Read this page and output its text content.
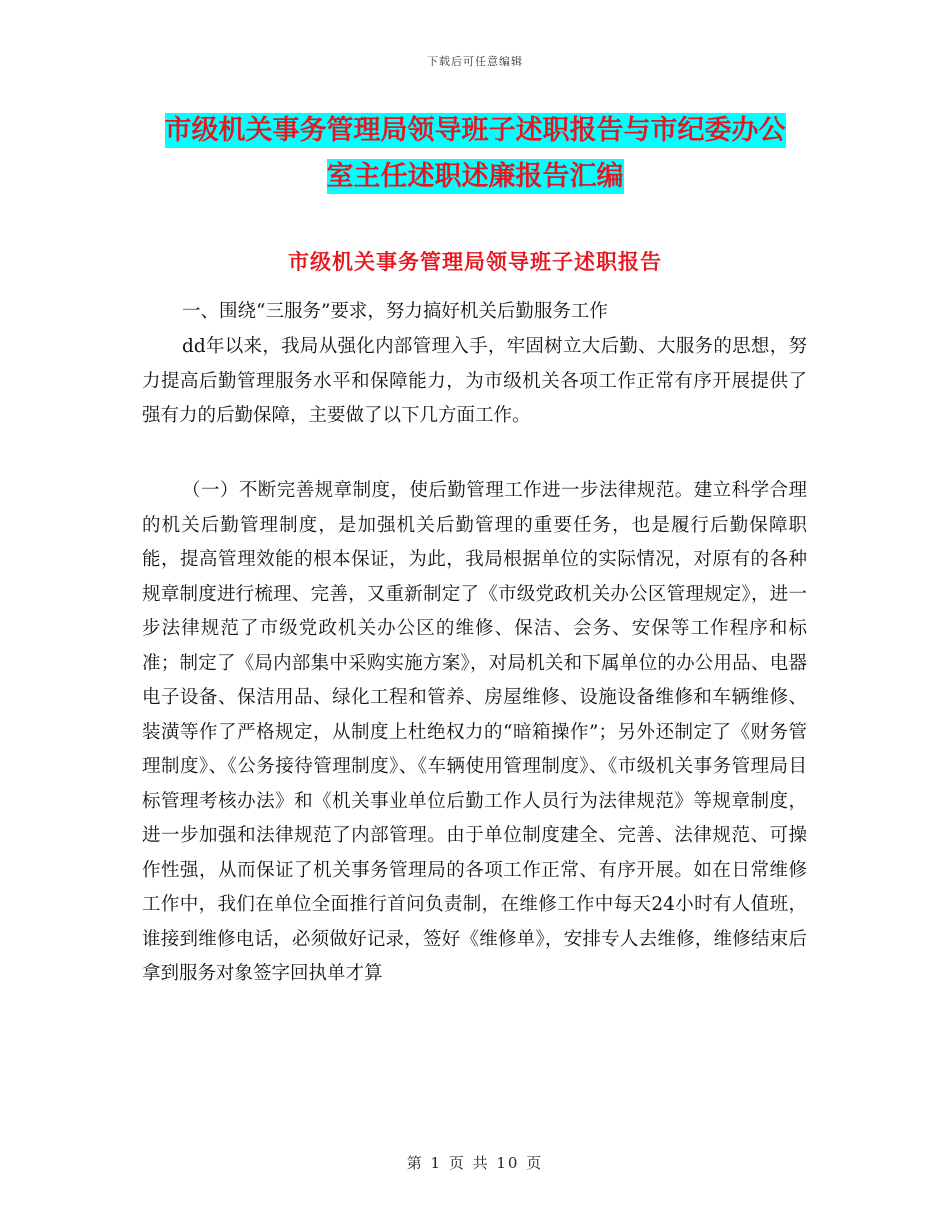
下载后可任意编辑
市级机关事务管理局领导班子述职报告与市纪委办公
室主任述职述廉报告汇编
市级机关事务管理局领导班子述职报告
一、围绕“三服务”要求，努力搞好机关后勤服务工作
dd年以来，我局从强化内部管理入手，牢固树立大后勤、大服务的思想，努力提高后勤管理服务水平和保障能力，为市级机关各项工作正常有序开展提供了强有力的后勤保障，主要做了以下几方面工作。
（一）不断完善规章制度，使后勤管理工作进一步法律规范。建立科学合理的机关后勤管理制度，是加强机关后勤管理的重要任务，也是履行后勤保障职能，提高管理效能的根本保证，为此，我局根据单位的实际情况，对原有的各种规章制度进行梳理、完善，又重新制定了《市级党政机关办公区管理规定》，进一步法律规范了市级党政机关办公区的维修、保洁、会务、安保等工作程序和标准；制定了《局内部集中采购实施方案》，对局机关和下属单位的办公用品、电器电子设备、保洁用品、绿化工程和管养、房屋维修、设施设备维修和车辆维修、装潢等作了严格规定，从制度上杜绝权力的“暗箱操作”；另外还制定了《财务管理制度》、《公务接待管理制度》、《车辆使用管理制度》、《市级机关事务管理局目标管理考核办法》和《机关事业单位后勤工作人员行为法律规范》等规章制度，进一步加强和法律规范了内部管理。由于单位制度建全、完善、法律规范、可操作性强，从而保证了机关事务管理局的各项工作正常、有序开展。如在日常维修工作中，我们在单位全面推行首问负责制，在维修工作中每天24小时有人值班，谁接到维修电话，必须做好记录，签好《维修单》，安排专人去维修，维修结束后拿到服务对象签字回执单才算
第 1 页 共 10 页
